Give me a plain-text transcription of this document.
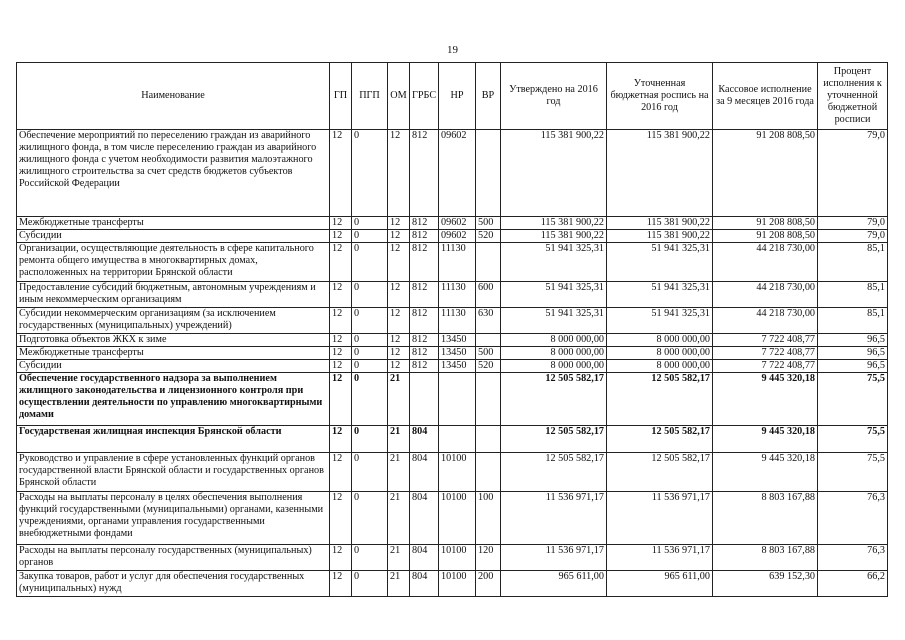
19
Наименование	ГП	ПГП	ОМ	ГРБС	НР	ВР	Утверждено на 2016 год	Уточненная бюджетная роспись на 2016 год	Кассовое исполнение за 9 месяцев 2016 года	Процент исполнения к уточненной бюджетной росписи
Обеспечение мероприятий по переселению граждан из аварийного жилищного фонда, в том числе переселению граждан из аварийного жилищного фонда с учетом необходимости развития малоэтажного жилищного строительства за счет средств бюджетов субъектов Российской Федерации	12	0	12	812	09602		115 381 900,22	115 381 900,22	91 208 808,50	79,0
Межбюджетные трансферты	12	0	12	812	09602	500	115 381 900,22	115 381 900,22	91 208 808,50	79,0
Субсидии	12	0	12	812	09602	520	115 381 900,22	115 381 900,22	91 208 808,50	79,0
Организации, осуществляющие деятельность в сфере капитального ремонта общего имущества в многоквартирных домах, расположенных на территории Брянской области	12	0	12	812	11130		51 941 325,31	51 941 325,31	44 218 730,00	85,1
Предоставление субсидий бюджетным, автономным учреждениям и иным некоммерческим организациям	12	0	12	812	11130	600	51 941 325,31	51 941 325,31	44 218 730,00	85,1
Субсидии некоммерческим организациям (за исключением государственных (муниципальных) учреждений)	12	0	12	812	11130	630	51 941 325,31	51 941 325,31	44 218 730,00	85,1
Подготовка объектов ЖКХ к зиме	12	0	12	812	13450		8 000 000,00	8 000 000,00	7 722 408,77	96,5
Межбюджетные трансферты	12	0	12	812	13450	500	8 000 000,00	8 000 000,00	7 722 408,77	96,5
Субсидии	12	0	12	812	13450	520	8 000 000,00	8 000 000,00	7 722 408,77	96,5
Обеспечение государственного надзора за выполнением жилищного законодательства и лицензионного контроля при осуществлении деятельности по управлению многоквартирными домами	12	0	21				12 505 582,17	12 505 582,17	9 445 320,18	75,5
Государственая жилищная инспекция Брянской области	12	0	21	804			12 505 582,17	12 505 582,17	9 445 320,18	75,5
Руководство и управление в сфере установленных функций органов государственной власти Брянской области и государственных органов Брянской области	12	0	21	804	10100		12 505 582,17	12 505 582,17	9 445 320,18	75,5
Расходы на выплаты персоналу в целях обеспечения выполнения функций государственными (муниципальными) органами, казенными учреждениями, органами управления государственными внебюджетными фондами	12	0	21	804	10100	100	11 536 971,17	11 536 971,17	8 803 167,88	76,3
Расходы на выплаты персоналу государственных (муниципальных) органов	12	0	21	804	10100	120	11 536 971,17	11 536 971,17	8 803 167,88	76,3
Закупка товаров, работ и услуг для обеспечения государственных (муниципальных) нужд	12	0	21	804	10100	200	965 611,00	965 611,00	639 152,30	66,2
